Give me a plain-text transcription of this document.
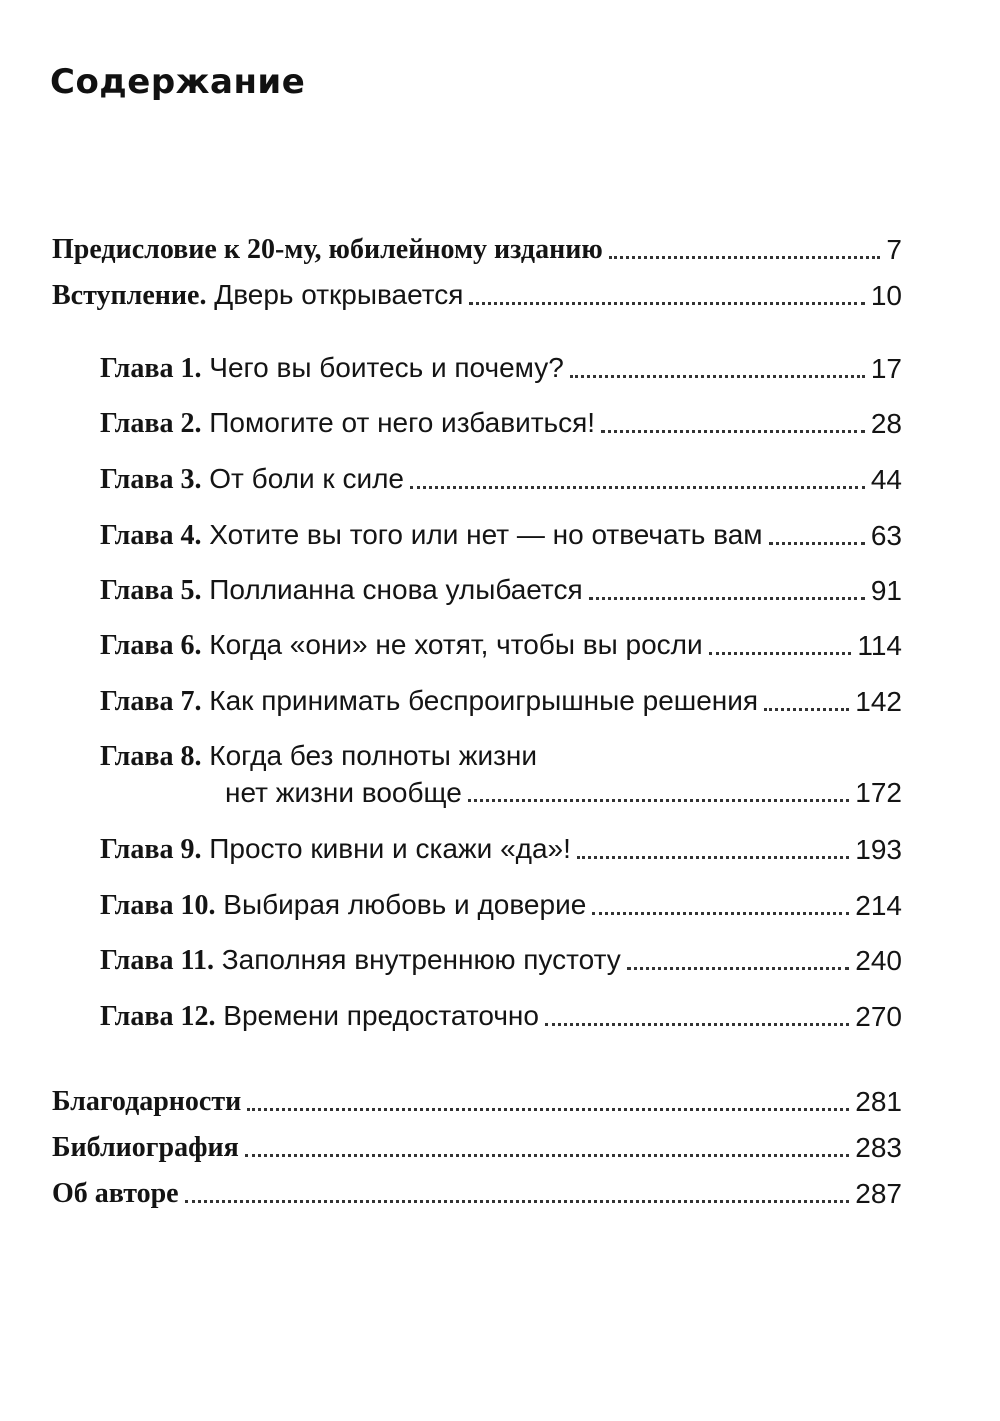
Содержание
Предисловие к 20-му, юбилейному изданию	7
Вступление. Дверь открывается	10
Глава 1. Чего вы боитесь и почему?	17
Глава 2. Помогите от него избавиться!	28
Глава 3. От боли к силе	44
Глава 4. Хотите вы того или нет — но отвечать вам	63
Глава 5. Поллианна снова улыбается	91
Глава 6. Когда «они» не хотят, чтобы вы росли	114
Глава 7. Как принимать беспроигрышные решения	142
Глава 8. Когда без полноты жизни
нет жизни вообще	172
Глава 9. Просто кивни и скажи «да»!	193
Глава 10. Выбирая любовь и доверие	214
Глава 11. Заполняя внутреннюю пустоту	240
Глава 12. Времени предостаточно	270
Благодарности	281
Библиография	283
Об авторе	287
